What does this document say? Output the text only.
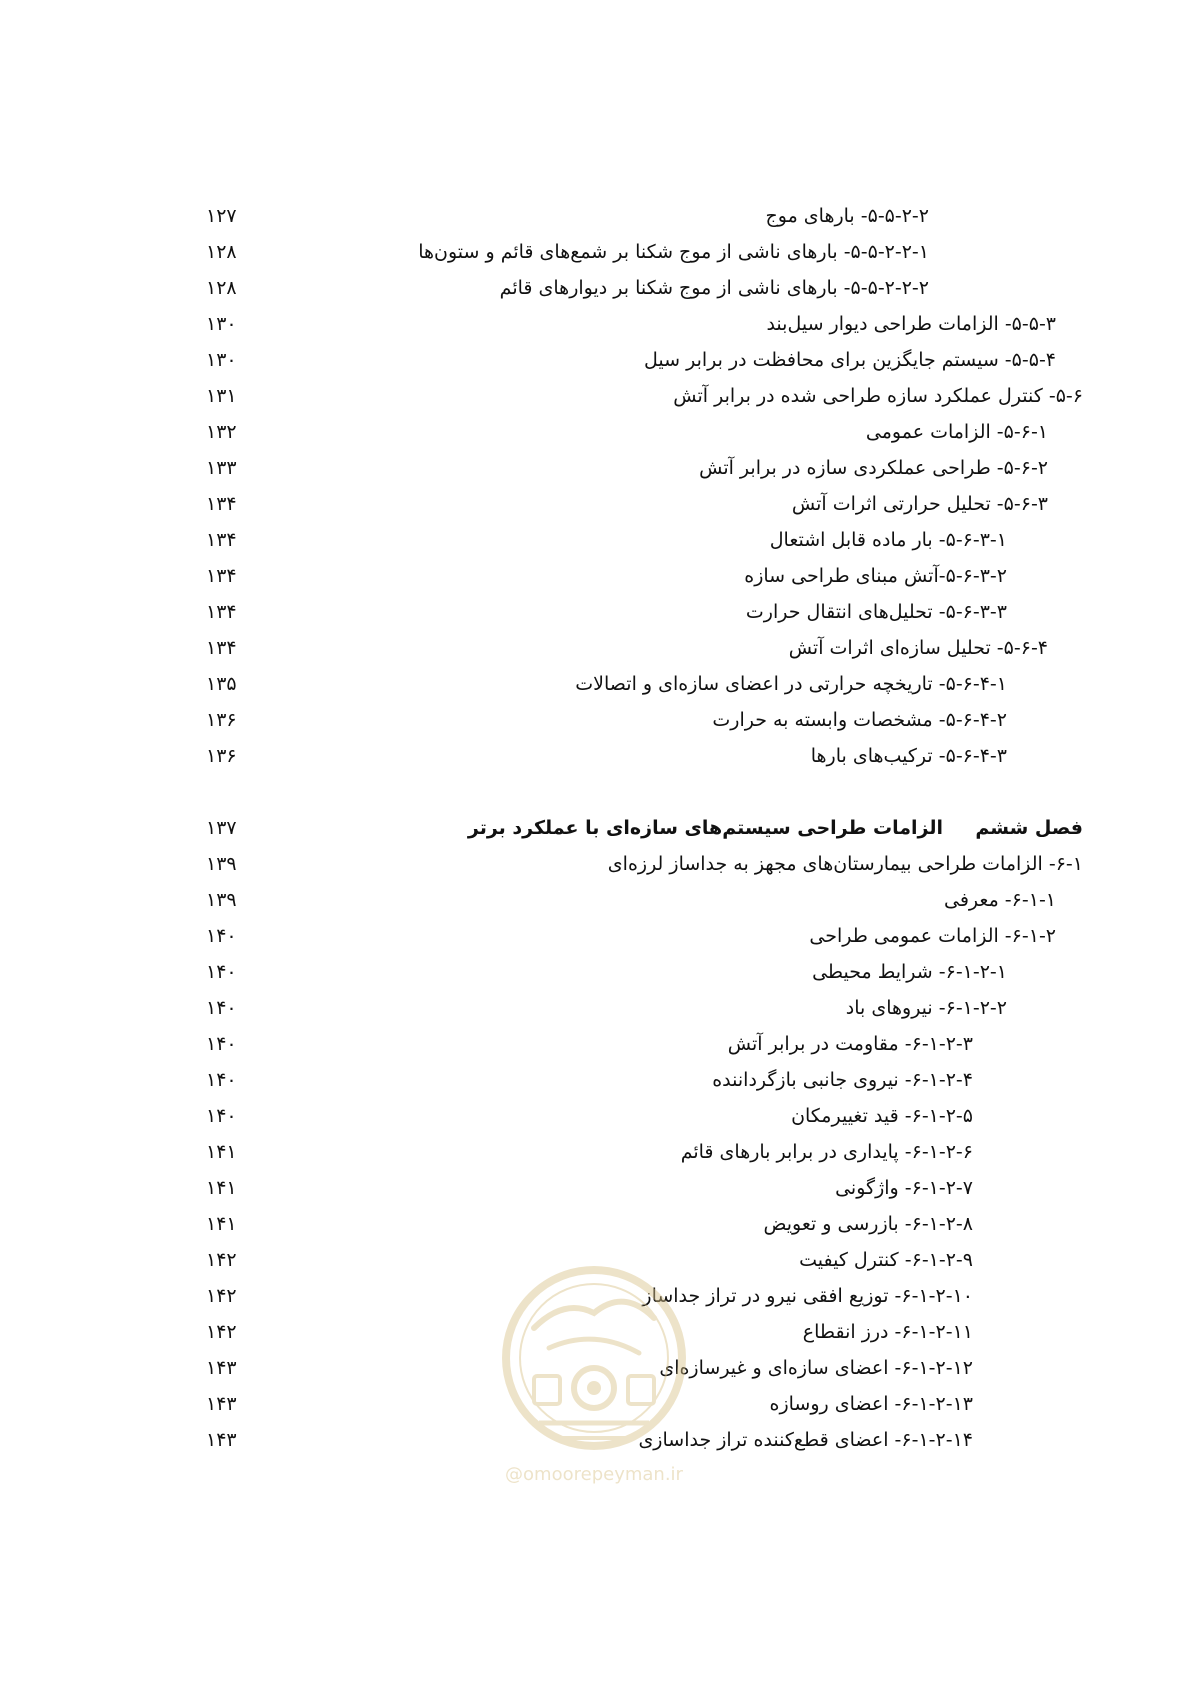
۵-۵-۲-۲- بارهای موج
۱۲۷
۵-۵-۲-۲-۱- بارهای ناشی از موج شکنا بر شمع‌های قائم و ستون‌ها
۱۲۸
۵-۵-۲-۲-۲- بارهای ناشی از موج شکنا بر دیوارهای قائم
۱۲۸
۵-۵-۳- الزامات طراحی دیوار سیل‌بند
۱۳۰
۵-۵-۴- سیستم جایگزین برای محافظت در برابر سیل
۱۳۰
۵-۶- کنترل عملکرد سازه طراحی شده در برابر آتش
۱۳۱
۵-۶-۱- الزامات عمومی
۱۳۲
۵-۶-۲- طراحی عملکردی سازه در برابر آتش
۱۳۳
۵-۶-۳- تحلیل حرارتی اثرات آتش
۱۳۴
۵-۶-۳-۱- بار ماده قابل اشتعال
۱۳۴
۵-۶-۳-۲-آتش مبنای طراحی سازه
۱۳۴
۵-۶-۳-۳- تحلیل‌های انتقال حرارت
۱۳۴
۵-۶-۴- تحلیل سازه‌ای اثرات آتش
۱۳۴
۵-۶-۴-۱- تاریخچه حرارتی در اعضای سازه‌ای و اتصالات
۱۳۵
۵-۶-۴-۲- مشخصات وابسته به حرارت
۱۳۶
۵-۶-۴-۳- ترکیب‌های بارها
۱۳۶
فصل ششم
الزامات طراحی سیستم‌های سازه‌ای با عملکرد برتر
۱۳۷
۶-۱- الزامات طراحی بیمارستان‌های مجهز به جداساز لرزه‌ای
۱۳۹
۶-۱-۱- معرفی
۱۳۹
۶-۱-۲- الزامات عمومی طراحی
۱۴۰
۶-۱-۲-۱- شرایط محیطی
۱۴۰
۶-۱-۲-۲- نیروهای باد
۱۴۰
۶-۱-۲-۳- مقاومت در برابر آتش
۱۴۰
۶-۱-۲-۴- نیروی جانبی بازگرداننده
۱۴۰
۶-۱-۲-۵- قید تغییرمکان
۱۴۰
۶-۱-۲-۶- پایداری در برابر بارهای قائم
۱۴۱
۶-۱-۲-۷- واژگونی
۱۴۱
۶-۱-۲-۸- بازرسی و تعویض
۱۴۱
۶-۱-۲-۹- کنترل کیفیت
۱۴۲
۶-۱-۲-۱۰- توزیع افقی نیرو در تراز جداساز
۱۴۲
۶-۱-۲-۱۱- درز انقطاع
۱۴۲
۶-۱-۲-۱۲- اعضای سازه‌ای و غیرسازه‌ای
۱۴۳
۶-۱-۲-۱۳- اعضای روسازه
۱۴۳
۶-۱-۲-۱۴- اعضای قطع‌کننده تراز جداسازی
۱۴۳
@omoorepeyman.ir
